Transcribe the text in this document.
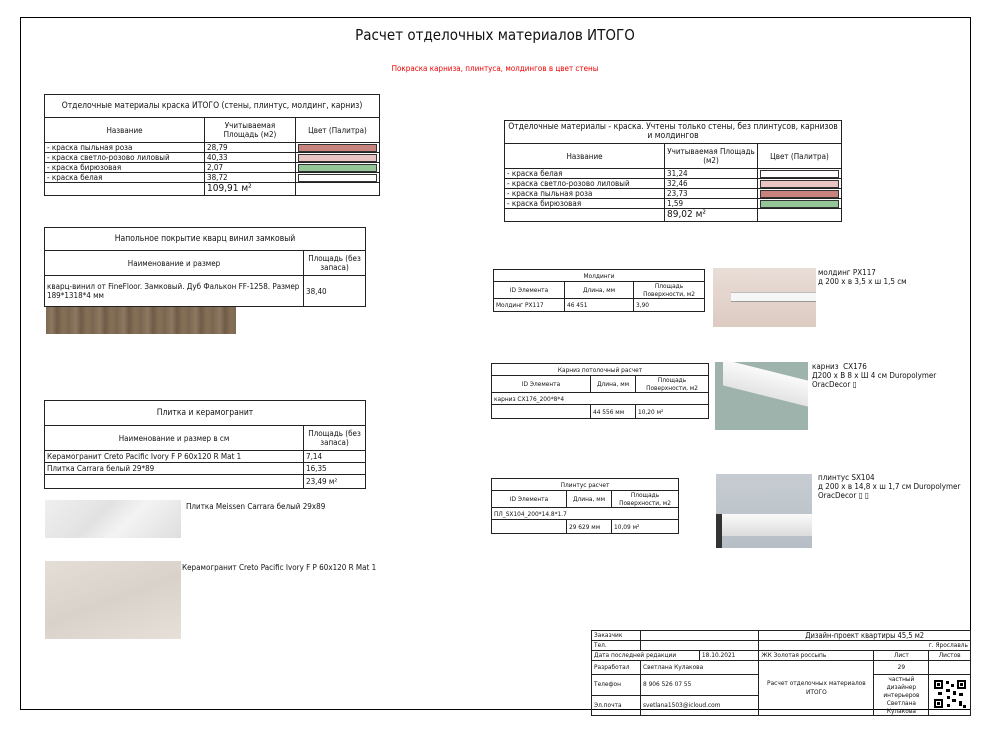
Расчет отделочных материалов ИТОГО
Покраска карниза, плинтуса, молдингов в цвет стены
Отделочные материалы краска ИТОГО (стены, плинтус, молдинг, карниз)		
Название	Учитываемая Площадь (м2)	Цвет (Палитра)
- краска пыльная роза	28,79	

- краска светло-розово лиловый	40,33	

- краска бирюзовая	2,07	

- краска белая	38,72	

	109,91 м²	
Отделочные материалы - краска. Учтены только стены, без плинтусов, карнизов и молдингов		
Название	Учитываемая Площадь (м2)	Цвет (Палитра)
- краска белая	31,24	

- краска светло-розово лиловый	32,46	

- краска пыльная роза	23,73	

- краска бирюзовая	1,59	

	89,02 м²	
Напольное покрытие кварц винил замковый	
Наименование и размер	Площадь (без запаса)
кварц-винил от FineFloor. Замковый. Дуб Фалькон FF-1258. Размер 189*1318*4 мм	38,40
Плитка и керамогранит	
Наименование и размер в см	Площадь (без запаса)
Керамогранит Creto Pacific Ivory F P 60x120 R Mat 1	7,14
Плитка Carrara белый 29*89	16,35
	23,49 м²
Плитка Meissen Carrara белый 29x89
Керамогранит Creto Pacific Ivory F P 60x120 R Mat 1
Молдинги		
ID Элемента	Длина, мм	Площадь Поверхности, м2
Молдинг PX117	46 451	3,90
молдинг PX117
д 200 х в 3,5 х ш 1,5 см
Карниз потолочный расчет		
ID Элемента	Длина, мм	Площадь Поверхности, м2
карниз CX176_200*8*4		
	44 556 мм	10,20 м²
карниз  CX176
Д200 х В 8 х Ш 4 см Duropolymer
OracDecor ▯
Плинтус расчет		
ID Элемента	Длина, мм	Площадь Поверхности, м2
ПЛ_SX104_200*14.8*1.7		
	29 629 мм	10,09 м²
плинтус SX104
д 200 х в 14,8 х ш 1,7 см Duropolymer
OracDecor ▯ ▯
Заказчик			Дизайн-проект квартиры 45,5 м2		
Тел.			г. Ярославль		
Дата последней редакции		18.10.2021	ЖК Золотая россыпь	Лист	Листов
Разработал	Светлана Кулакова		Расчет отделочных материалов ИТОГО	29	
Телефон	8 906 526 07 55			частный дизайнер интерьеров Светлана Кулакова	
Эл.почта	svetlana1503@icloud.com				
